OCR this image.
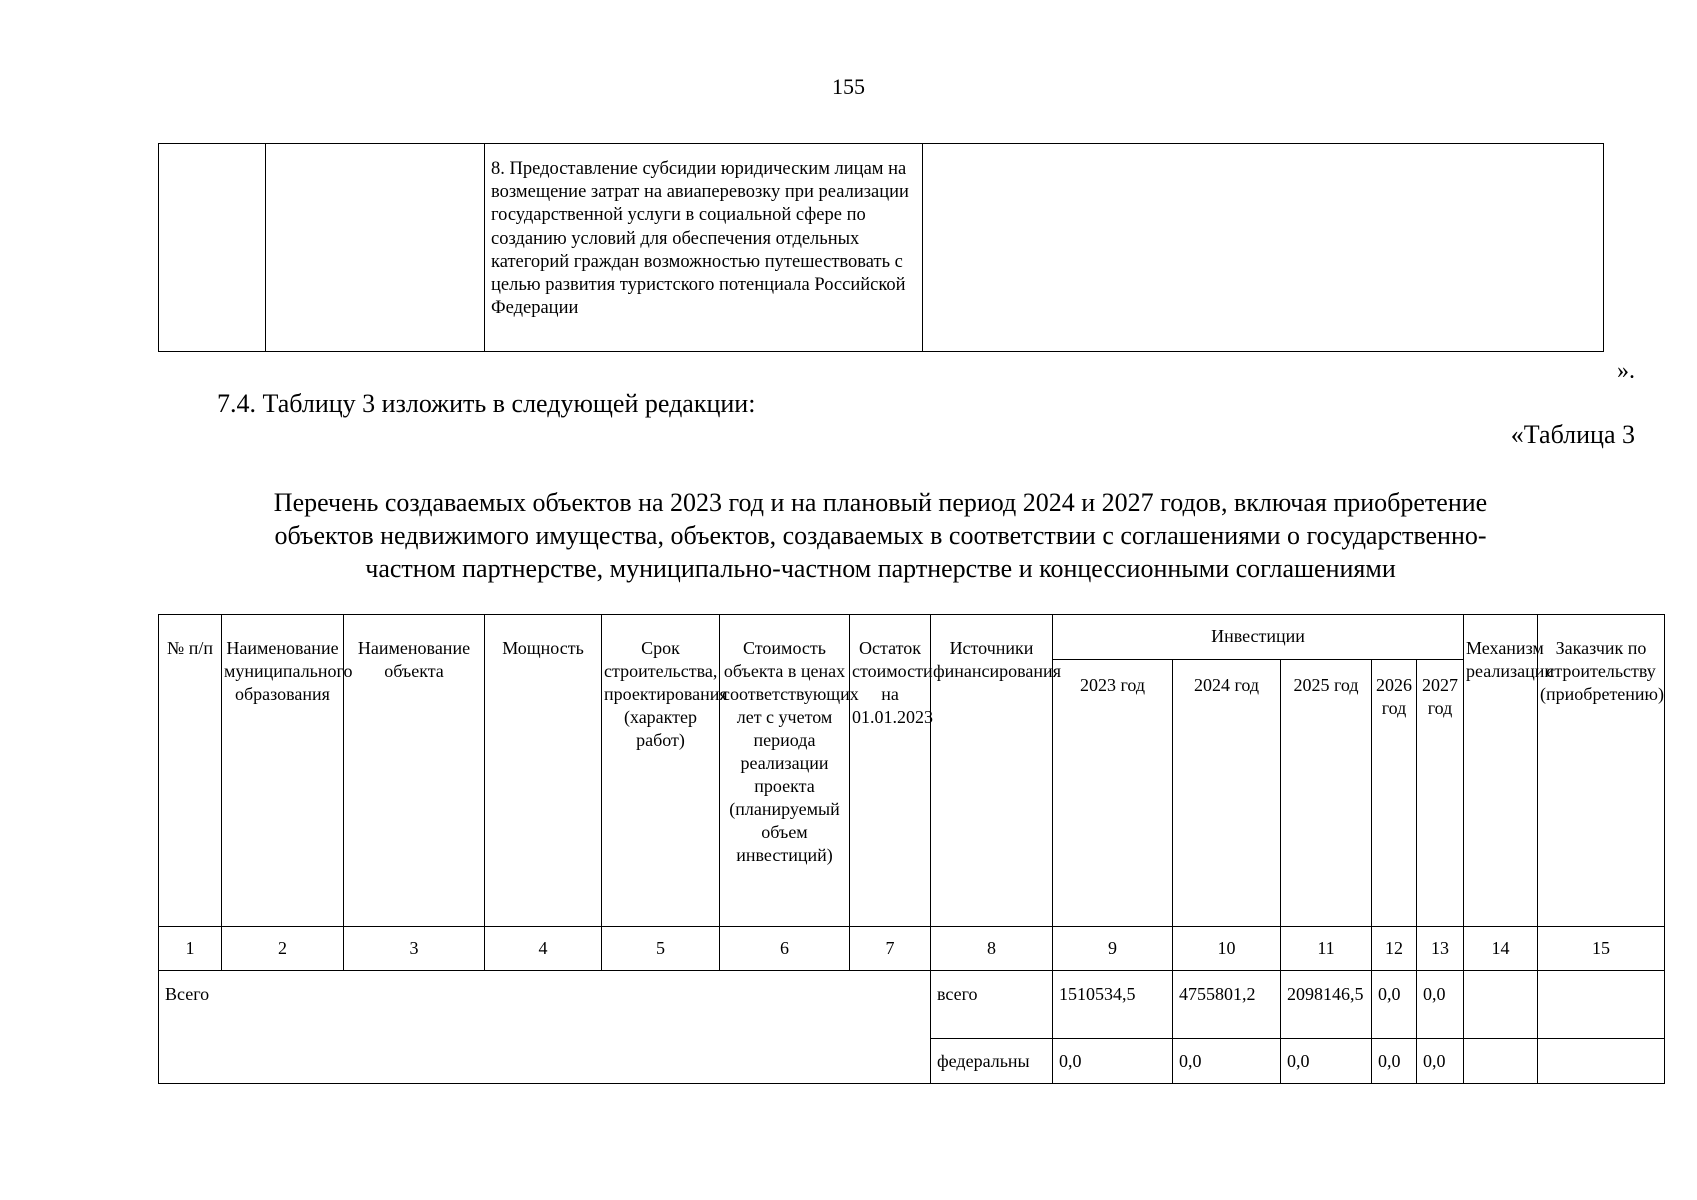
155

8. Предоставление субсидии юридическим лицам на возмещение затрат на авиаперевозку при реализации государственной услуги в социальной сфере по созданию условий для обеспечения отдельных категорий граждан возможностью путешествовать с целью развития туристского потенциала Российской Федерации

».
7.4. Таблицу 3 изложить в следующей редакции:
«Таблица 3
Перечень создаваемых объектов на 2023 год и на плановый период 2024 и 2027 годов, включая приобретение
объектов недвижимого имущества, объектов, создаваемых в соответствии с соглашениями о государственно-
частном партнерстве, муниципально-частном партнерстве и концессионными соглашениями
№ п/п	Наименование муниципального образования	Наименование объекта	Мощность	Срок строительства, проектирования (характер работ)	Стоимость объекта в ценах соответствующих лет с учетом периода реализации проекта (планируемый объем инвестиций)	Остаток стоимости на 01.01.2023	Источники финансирования	Инвестиции					Механизм реализации	Заказчик по строительству (приобретению)
								2023 год	2024 год	2025 год	2026 год	2027 год		
1	2	3	4	5	6	7	8	9	10	11	12	13	14	15
Всего							всего	1510534,5	4755801,2	2098146,5	0,0	0,0		
							федеральны	0,0	0,0	0,0	0,0	0,0		
